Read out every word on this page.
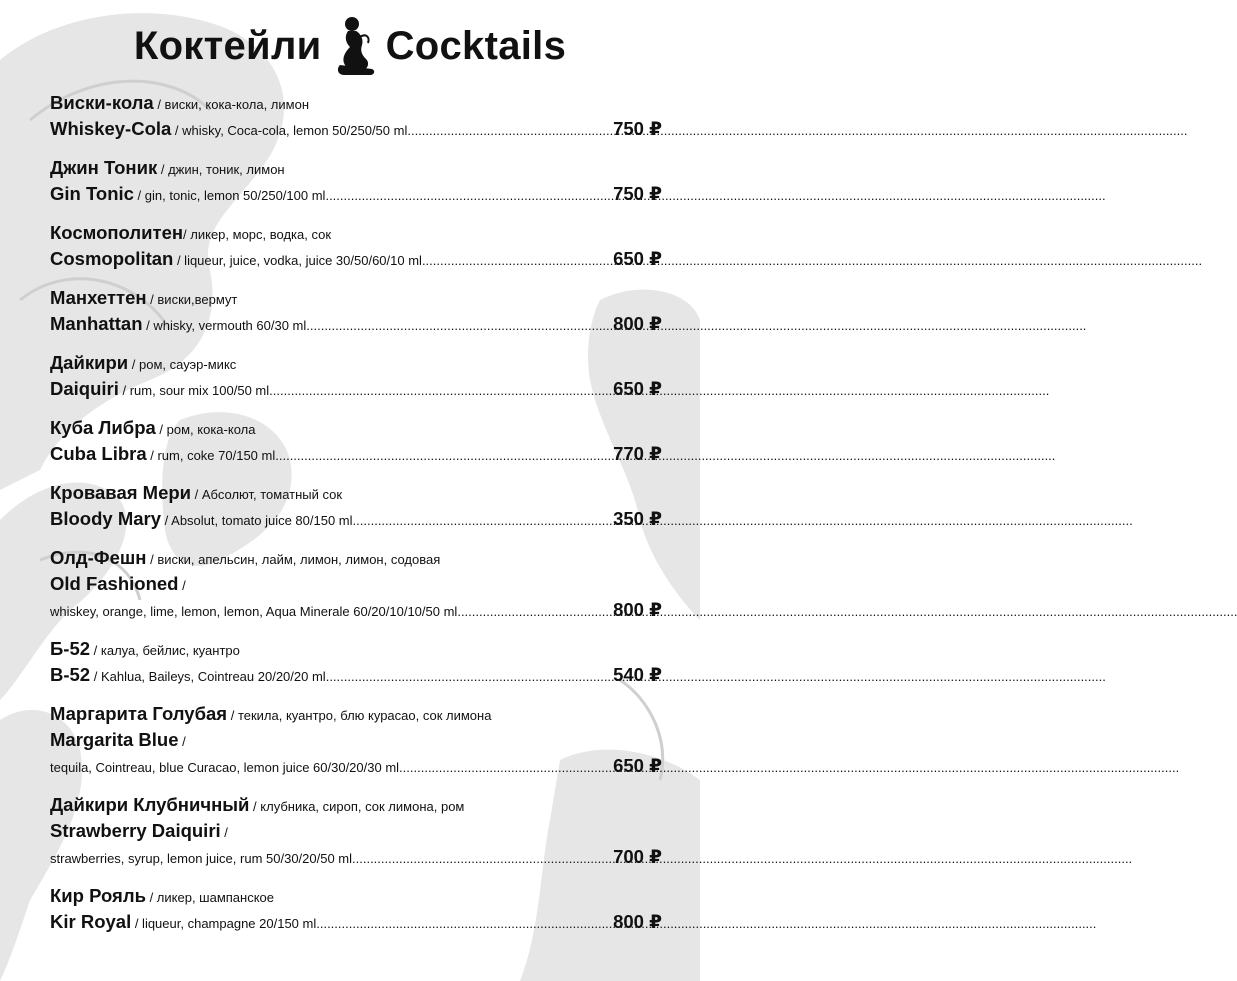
Коктейли Cocktails
Виски-кола / виски, кока-кола, лимон
Whiskey-Cola / whisky, Coca-cola, lemon 50/250/50 ml .....	750 ₽
Джин Тоник / джин, тоник, лимон
Gin Tonic / gin, tonic, lemon 50/250/100 ml .....	750 ₽
Космополитен/ ликер, морс, водка, сок
Cosmopolitan / liqueur, juice, vodka, juice 30/50/60/10 ml .....	650 ₽
Манхеттен / виски,вермут
Manhattan / whisky, vermouth 60/30 ml .....	800 ₽
Дайкири / ром, сауэр-микс
Daiquiri / rum, sour mix 100/50 ml .....	650 ₽
Куба Либра / ром, кока-кола
Cuba Libra / rum, coke 70/150 ml .....	770 ₽
Кровавая Мери / Абсолют, томатный сок
Bloody Mary / Absolut, tomato juice 80/150 ml .....	350 ₽
Олд-Фешн / виски, апельсин, лайм, лимон, лимон, содовая
Old Fashioned /
whiskey, orange, lime, lemon, lemon, Aqua Minerale 60/20/10/10/50 ml .....	800 ₽
Б-52 / калуа, бейлис, куантро
B-52 / Kahlua, Baileys, Cointreau 20/20/20 ml .....	540 ₽
Маргарита Голубая / текила, куантро, блю курасао, сок лимона
Margarita Blue /
tequila, Cointreau, blue Curacao, lemon juice 60/30/20/30 ml .....	650 ₽
Дайкири Клубничный / клубника, сироп, сок лимона, ром
Strawberry Daiquiri /
strawberries, syrup, lemon juice, rum 50/30/20/50 ml .....	700 ₽
Кир Рояль / ликер, шампанское
Kir Royal / liqueur, champagne 20/150 ml .....	800 ₽
